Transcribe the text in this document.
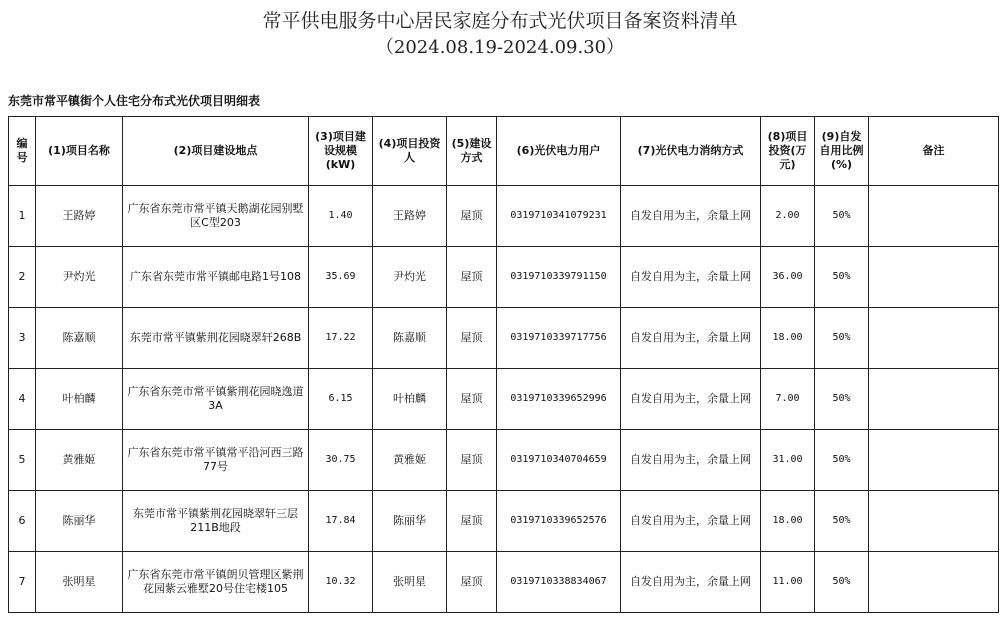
常平供电服务中心居民家庭分布式光伏项目备案资料清单
（2024.08.19-2024.09.30）
东莞市常平镇街个人住宅分布式光伏项目明细表
编号	(1)项目名称	(2)项目建设地点	(3)项目建设规模(kW)	(4)项目投资人	(5)建设方式	(6)光伏电力用户	(7)光伏电力消纳方式	(8)项目投资(万元)	(9)自发自用比例(%)	备注
1	王路婷	广东省东莞市常平镇天鹅湖花园别墅区C型203	1.40	王路婷	屋顶	0319710341079231	自发自用为主，余量上网	2.00	50%	
2	尹灼光	广东省东莞市常平镇邮电路1号108	35.69	尹灼光	屋顶	0319710339791150	自发自用为主，余量上网	36.00	50%	
3	陈嘉顺	东莞市常平镇紫荆花园晓翠轩268B	17.22	陈嘉顺	屋顶	0319710339717756	自发自用为主，余量上网	18.00	50%	
4	叶柏麟	广东省东莞市常平镇紫荆花园晓逸道3A	6.15	叶柏麟	屋顶	0319710339652996	自发自用为主，余量上网	7.00	50%	
5	黄雅姬	广东省东莞市常平镇常平沿河西三路77号	30.75	黄雅姬	屋顶	0319710340704659	自发自用为主，余量上网	31.00	50%	
6	陈丽华	东莞市常平镇紫荆花园晓翠轩三层211B地段	17.84	陈丽华	屋顶	0319710339652576	自发自用为主，余量上网	18.00	50%	
7	张明星	广东省东莞市常平镇朗贝管理区紫荆花园紫云雅墅20号住宅楼105	10.32	张明星	屋顶	0319710338834067	自发自用为主，余量上网	11.00	50%	
